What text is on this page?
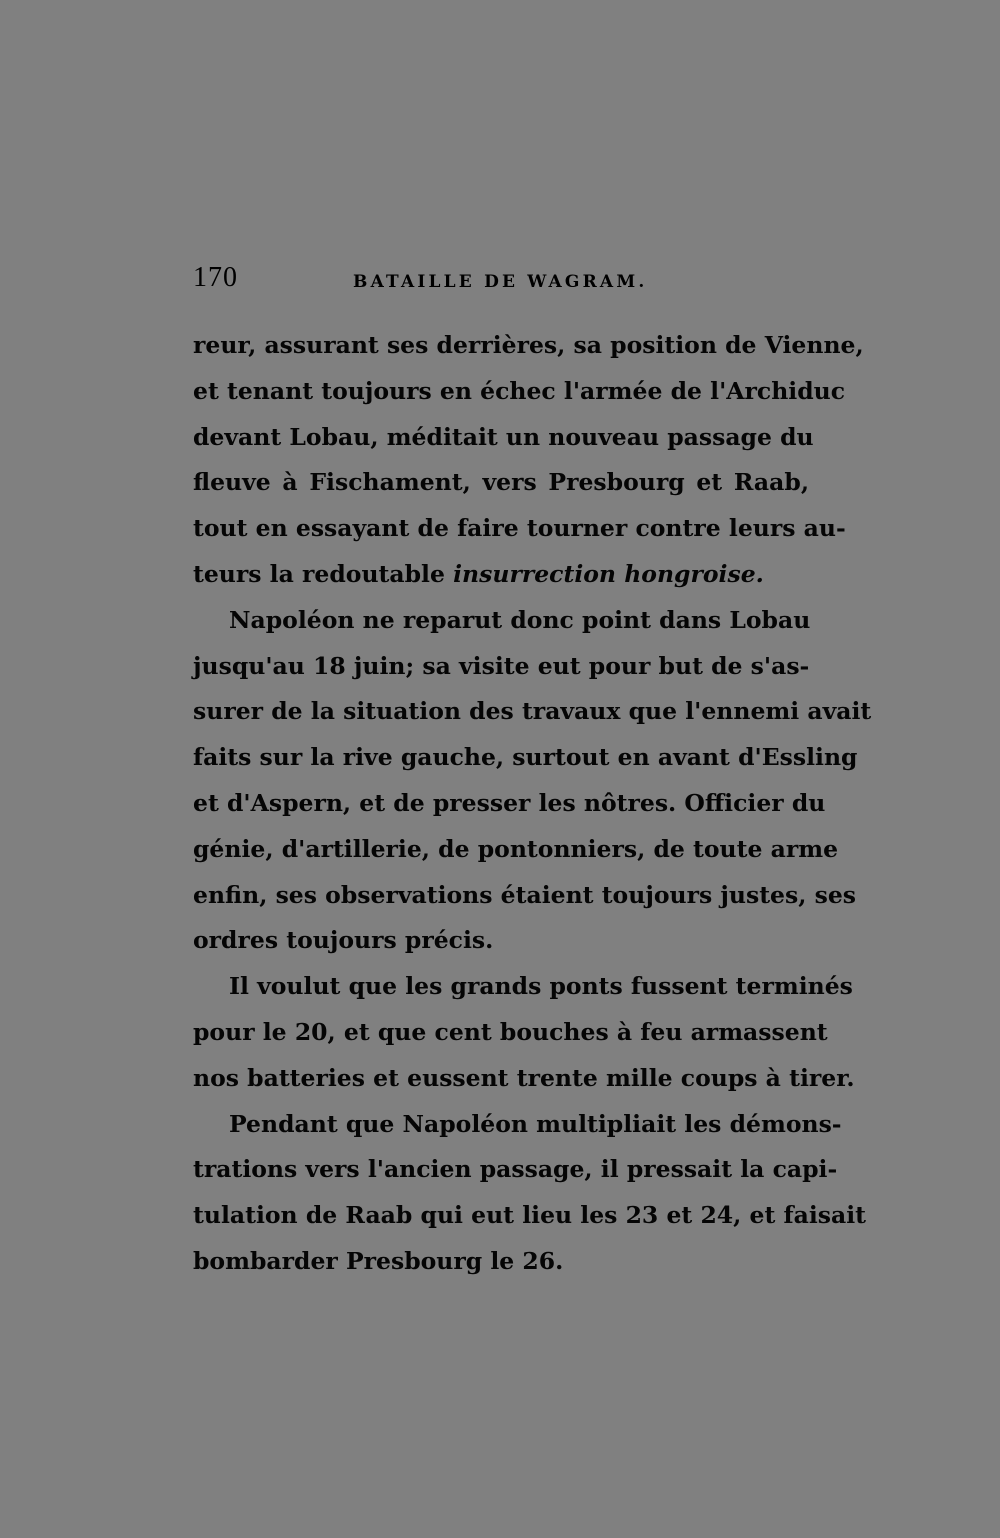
170	BATAILLE DE WAGRAM.
reur, assurant ses derrières, sa position de Vienne,
et tenant toujours en échec l'armée de l'Archiduc
devant Lobau, méditait un nouveau passage du
fleuve à Fischament, vers Presbourg et Raab,
tout en essayant de faire tourner contre leurs au-
teurs la redoutable insurrection hongroise.
Napoléon ne reparut donc point dans Lobau
jusqu'au 18 juin; sa visite eut pour but de s'as-
surer de la situation des travaux que l'ennemi avait
faits sur la rive gauche, surtout en avant d'Essling
et d'Aspern, et de presser les nôtres. Officier du
génie, d'artillerie, de pontonniers, de toute arme
enfin, ses observations étaient toujours justes, ses
ordres toujours précis.
Il voulut que les grands ponts fussent terminés
pour le 20, et que cent bouches à feu armassent
nos batteries et eussent trente mille coups à tirer.
Pendant que Napoléon multipliait les démons-
trations vers l'ancien passage, il pressait la capi-
tulation de Raab qui eut lieu les 23 et 24, et faisait
bombarder Presbourg le 26.
